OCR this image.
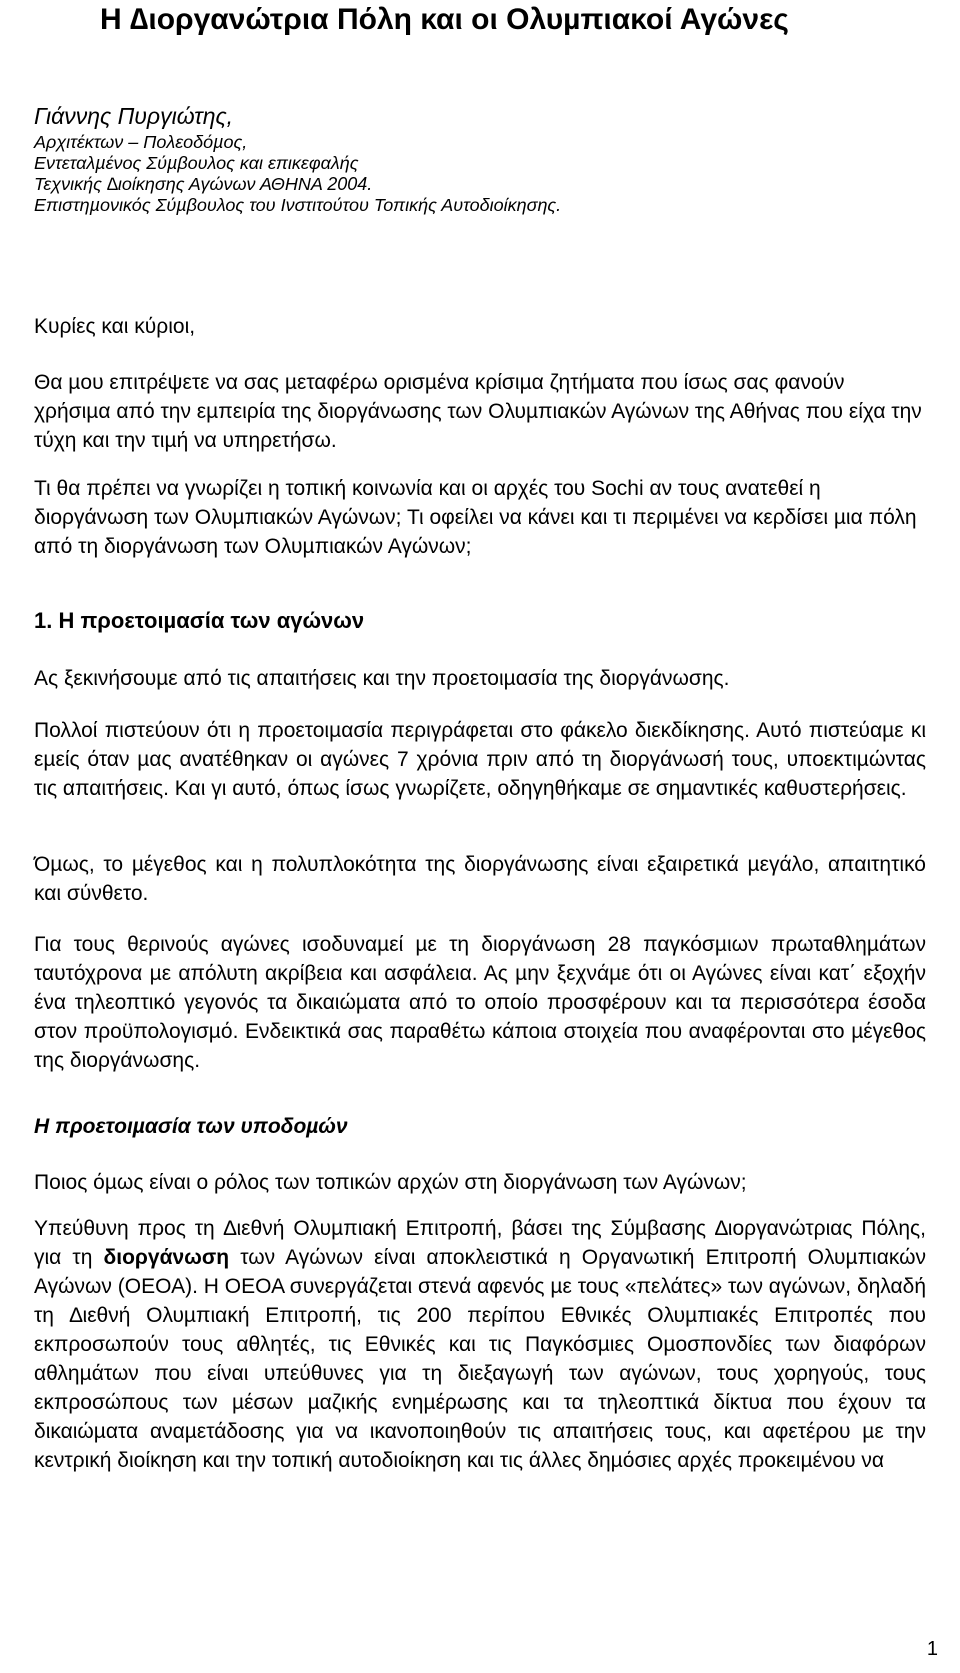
Η ∆ιοργανώτρια Πόλη και οι Ολυµπιακοί Αγώνες
Γιάννης Πυργιώτης,
Αρχιτέκτων – Πολεοδόµος,
Εντεταλµένος Σύµβουλος και επικεφαλής
Τεχνικής ∆ιοίκησης Αγώνων ΑΘΗΝΑ 2004.
Επιστηµονικός Σύµβουλος του Ινστιτούτου Τοπικής Αυτοδιοίκησης.

Κυρίες και κύριοι,

Θα µου επιτρέψετε να σας µεταφέρω ορισµένα κρίσιµα ζητήµατα που ίσως σας φανούν χρήσιµα από την εµπειρία της διοργάνωσης των Ολυµπιακών Αγώνων της Αθήνας που είχα την τύχη και την τιµή να υπηρετήσω.

Τι θα πρέπει να γνωρίζει η τοπική κοινωνία και οι αρχές του Sochi αν τους ανατεθεί η διοργάνωση των Ολυµπιακών Αγώνων; Τι οφείλει να κάνει και τι περιµένει να κερδίσει µια πόλη από τη διοργάνωση των Ολυµπιακών Αγώνων;

1. Η προετοιµασία των αγώνων

Ας ξεκινήσουµε από τις απαιτήσεις και την προετοιµασία της διοργάνωσης.

Πολλοί πιστεύουν ότι η προετοιµασία περιγράφεται στο φάκελο διεκδίκησης. Αυτό πιστεύαµε κι εµείς όταν µας ανατέθηκαν οι αγώνες 7 χρόνια πριν από τη διοργάνωσή τους, υποεκτιµώντας τις απαιτήσεις. Και γι αυτό, όπως ίσως γνωρίζετε, οδηγηθήκαµε σε σηµαντικές καθυστερήσεις.

Όµως, το µέγεθος και η πολυπλοκότητα της διοργάνωσης είναι εξαιρετικά µεγάλο, απαιτητικό και σύνθετο.

Για τους θερινούς αγώνες ισοδυναµεί µε τη διοργάνωση 28 παγκόσµιων πρωταθληµάτων ταυτόχρονα µε απόλυτη ακρίβεια και ασφάλεια. Ας µην ξεχνάµε ότι οι Αγώνες είναι κατ΄ εξοχήν ένα τηλεοπτικό γεγονός τα δικαιώµατα από το οποίο προσφέρουν και τα περισσότερα έσοδα στον προϋπολογισµό. Ενδεικτικά σας παραθέτω κάποια στοιχεία που αναφέρονται στο µέγεθος της διοργάνωσης.

Η προετοιµασία των υποδοµών

Ποιος όµως είναι ο ρόλος των τοπικών αρχών στη διοργάνωση των Αγώνων;

Υπεύθυνη προς τη ∆ιεθνή Ολυµπιακή Επιτροπή, βάσει της Σύµβασης ∆ιοργανώτριας Πόλης, για τη διοργάνωση των Αγώνων είναι αποκλειστικά η Οργανωτική Επιτροπή Ολυµπιακών Αγώνων (ΟΕΟΑ). Η ΟΕΟΑ συνεργάζεται στενά αφενός µε τους «πελάτες» των αγώνων, δηλαδή τη ∆ιεθνή Ολυµπιακή Επιτροπή, τις 200 περίπου Εθνικές Ολυµπιακές Επιτροπές που εκπροσωπούν τους αθλητές, τις Εθνικές και τις Παγκόσµιες Οµοσπονδίες των διαφόρων αθληµάτων που είναι υπεύθυνες για τη διεξαγωγή των αγώνων, τους χορηγούς, τους εκπροσώπους των µέσων µαζικής ενηµέρωσης και τα τηλεοπτικά δίκτυα που έχουν τα δικαιώµατα αναµετάδοσης για να ικανοποιηθούν τις απαιτήσεις τους, και αφετέρου µε την κεντρική διοίκηση και την τοπική αυτοδιοίκηση και τις άλλες δηµόσιες αρχές προκειµένου να

1
